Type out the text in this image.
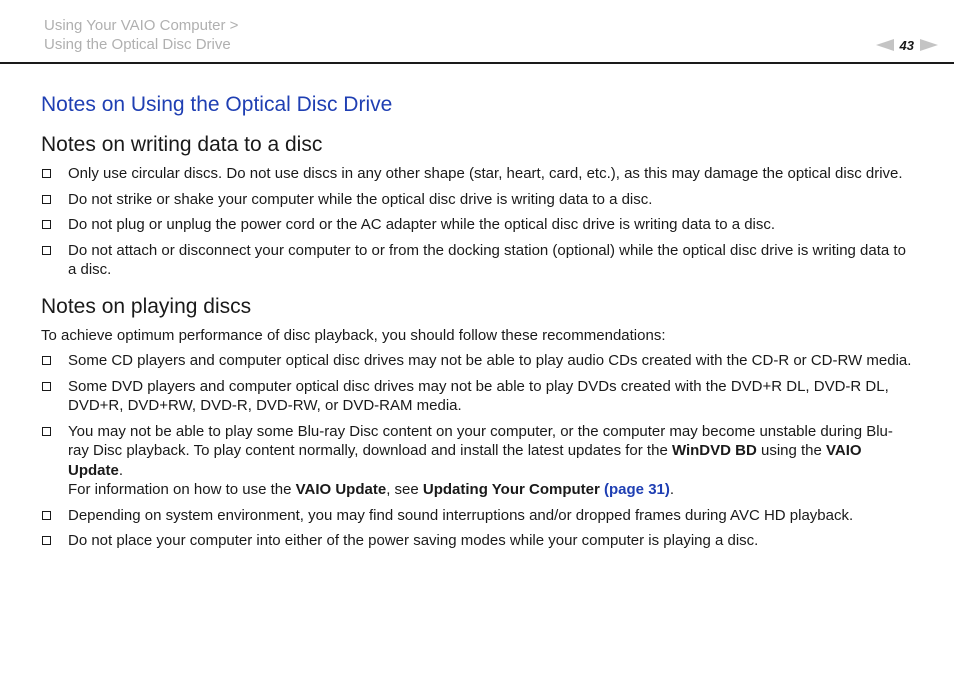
Using Your VAIO Computer >
Using the Optical Disc Drive	43
Notes on Using the Optical Disc Drive
Notes on writing data to a disc
Only use circular discs. Do not use discs in any other shape (star, heart, card, etc.), as this may damage the optical disc drive.
Do not strike or shake your computer while the optical disc drive is writing data to a disc.
Do not plug or unplug the power cord or the AC adapter while the optical disc drive is writing data to a disc.
Do not attach or disconnect your computer to or from the docking station (optional) while the optical disc drive is writing data to a disc.
Notes on playing discs

To achieve optimum performance of disc playback, you should follow these recommendations:

Some CD players and computer optical disc drives may not be able to play audio CDs created with the CD-R or CD-RW media.
Some DVD players and computer optical disc drives may not be able to play DVDs created with the DVD+R DL, DVD-R DL, DVD+R, DVD+RW, DVD-R, DVD-RW, or DVD-RAM media.
You may not be able to play some Blu-ray Disc content on your computer, or the computer may become unstable during Blu-ray Disc playback. To play content normally, download and install the latest updates for the WinDVD BD using the VAIO Update.
For information on how to use the VAIO Update, see Updating Your Computer (page 31).
Depending on system environment, you may find sound interruptions and/or dropped frames during AVC HD playback.
Do not place your computer into either of the power saving modes while your computer is playing a disc.
